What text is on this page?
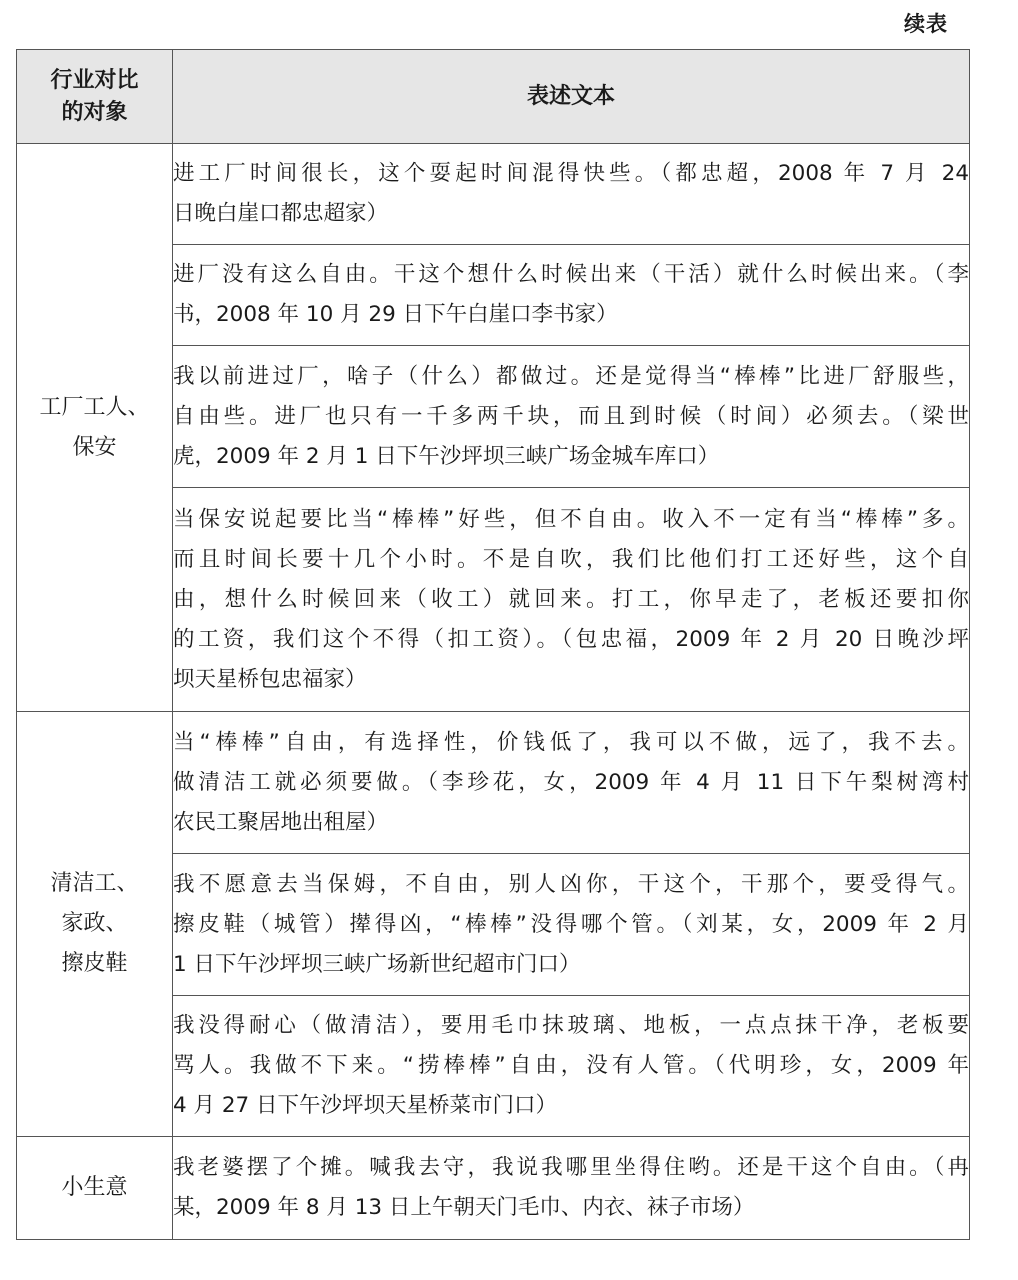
续表
行业对比
的对象	表述文本

工厂工人、
保安	进工厂时间很长，这个耍起时间混得快些。（都忠超，2008 年 7 月 24
日晚白崖口都忠超家）

	进厂没有这么自由。干这个想什么时候出来（干活）就什么时候出来。（李
书，2008 年 10 月 29 日下午白崖口李书家）

	我以前进过厂，啥子（什么）都做过。还是觉得当“棒棒”比进厂舒服些，
自由些。进厂也只有一千多两千块，而且到时候（时间）必须去。（梁世
虎，2009 年 2 月 1 日下午沙坪坝三峡广场金城车库口）

	当保安说起要比当“棒棒”好些，但不自由。收入不一定有当“棒棒”多。
而且时间长要十几个小时。不是自吹，我们比他们打工还好些，这个自
由，想什么时候回来（收工）就回来。打工，你早走了，老板还要扣你
的工资，我们这个不得（扣工资）。（包忠福，2009 年 2 月 20 日晚沙坪
坝天星桥包忠福家）

清洁工、
家政、
擦皮鞋	当“棒棒”自由，有选择性，价钱低了，我可以不做，远了，我不去。
做清洁工就必须要做。（李珍花，女，2009 年 4 月 11 日下午梨树湾村
农民工聚居地出租屋）

	我不愿意去当保姆，不自由，别人凶你，干这个，干那个，要受得气。
擦皮鞋（城管）撵得凶，“棒棒”没得哪个管。（刘某，女，2009 年 2 月
1 日下午沙坪坝三峡广场新世纪超市门口）

	我没得耐心（做清洁），要用毛巾抹玻璃、地板，一点点抹干净，老板要
骂人。我做不下来。“捞棒棒”自由，没有人管。（代明珍，女，2009 年
4 月 27 日下午沙坪坝天星桥菜市门口）

小生意	我老婆摆了个摊。喊我去守，我说我哪里坐得住哟。还是干这个自由。（冉
某，2009 年 8 月 13 日上午朝天门毛巾、内衣、袜子市场）
